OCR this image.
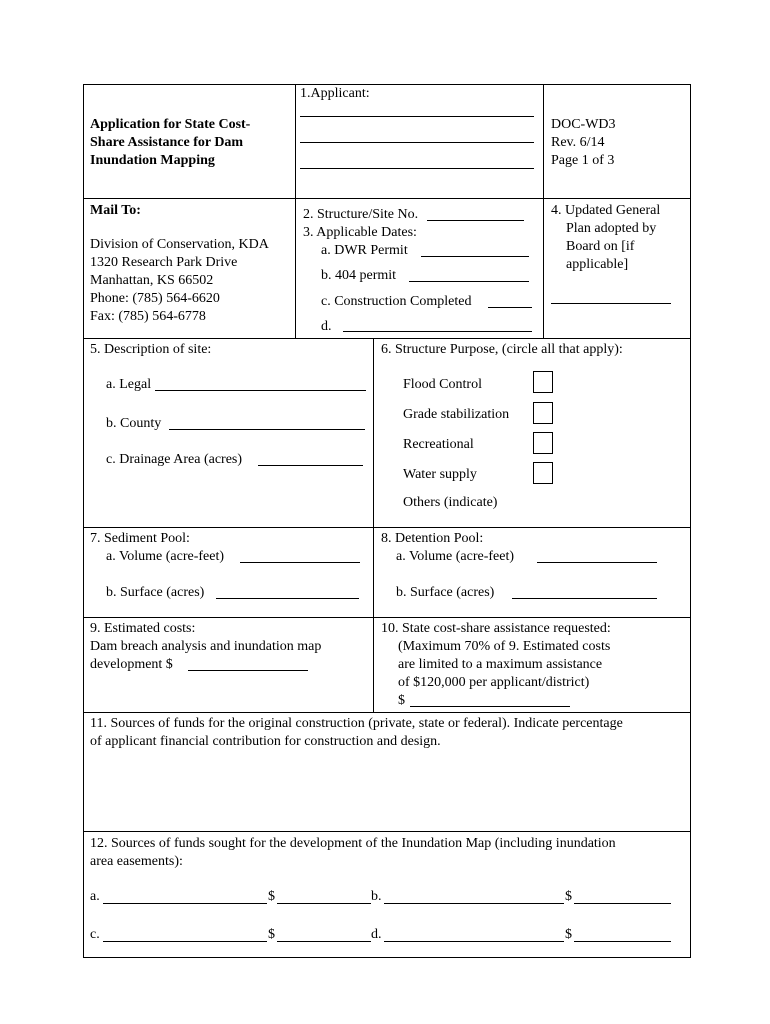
Application for State Cost-
Share Assistance for Dam
Inundation Mapping
1.Applicant:
DOC-WD3
Rev. 6/14
Page 1 of 3
Mail To:
Division of Conservation, KDA
1320 Research Park Drive
Manhattan, KS 66502
Phone: (785) 564-6620
Fax: (785) 564-6778
2. Structure/Site No.
3. Applicable Dates:
a. DWR Permit
b. 404 permit
c. Construction Completed
d.
4. Updated General
Plan adopted by
Board on [if
applicable]
5. Description of site:
a. Legal
b. County
c. Drainage Area (acres)
6. Structure Purpose, (circle all that apply):
Flood Control
Grade stabilization
Recreational
Water supply
Others (indicate)
7. Sediment Pool:
a. Volume (acre-feet)
b. Surface (acres)
8. Detention Pool:
a. Volume (acre-feet)
b. Surface (acres)
9. Estimated costs:
Dam breach analysis and inundation map
development $
10. State cost-share assistance requested:
(Maximum 70% of 9. Estimated costs
are limited to a maximum assistance
of $120,000 per applicant/district)
$
11. Sources of funds for the original construction (private, state or federal). Indicate percentage
of applicant financial contribution for construction and design.
12. Sources of funds sought for the development of the Inundation Map (including inundation
area easements):
a.	$	b.	$
c.	$	d.	$
